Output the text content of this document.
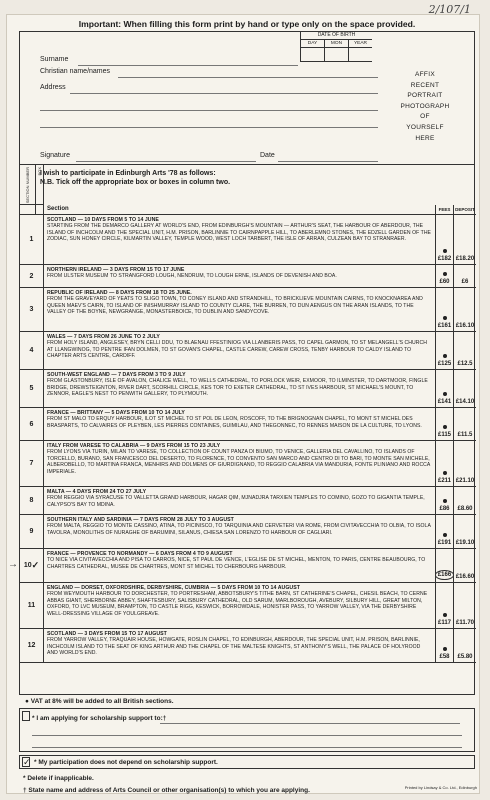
2/107/1
Important: When filling this form print by hand or type only on the space provided.
DATE OF BIRTH
DAY	MON	YEAR
Surname
Christian name/names
Address
Signature	Date
AFFIX
RECENT
PORTRAIT
PHOTOGRAPH
OF
YOURSELF
HERE
SECTION NUMBER BOX
I wish to participate in Edinburgh Arts '78 as follows:
N.B. Tick off the appropriate box or boxes in column two.
Section	FEES	DEPOSIT
1
SCOTLAND — 10 DAYS FROM 5 TO 14 JUNE
STARTING FROM THE DEMARCO GALLERY AT WORLD'S END, FROM EDINBURGH'S MOUNTAIN — ARTHUR'S SEAT, THE HARBOUR OF ABERDOUR, THE ISLAND OF INCHCOLM AND THE SPECIAL UNIT, H.M. PRISON, BARLINNIE TO CAIRNPAPPLE HILL, TO ABERLEMNO STONES, THE EDZELL GARDEN OF THE ZODIAC, SUN HONEY CIRCLE, KILMARTIN VALLEY, TEMPLE WOOD, WEST LOCH TARBERT, THE ISLE OF ARRAN, CULZEAN BAY TO STRANRAER.
£182 £18.20
2
NORTHERN IRELAND — 3 DAYS FROM 15 TO 17 JUNE
FROM ULSTER MUSEUM TO STRANGFORD LOUGH, NENDRUM, TO LOUGH ERNE, ISLANDS OF DEVENISH AND BOA.
£60 £6
3
REPUBLIC OF IRELAND — 8 DAYS FROM 18 TO 25 JUNE.
FROM THE GRAVEYARD OF YEATS TO SLIGO TOWN, TO CONEY ISLAND AND STRANDHILL, TO BRICKLIEVE MOUNTAIN CAIRNS, TO KNOCKNAREA AND QUEEN MAEV'S CAIRN, TO ISLAND OF INISHMURRAY ISLAND TO COUNTY CLARE, THE BURREN, TO DUN AENGUS ON THE ARAN ISLANDS, TO THE VALLEY OF THE BOYNE, NEWGRANGE, MONASTERBOICE, TO DUBLIN AND SANDYCOVE.
£161 £16.10
4
WALES — 7 DAYS FROM 26 JUNE TO 2 JULY
FROM HOLY ISLAND, ANGLESEY, BRYN CELLI DDU, TO BLAENAU FFESTINIOG VIA LLANBERIS PASS, TO CAPEL GARMON, TO ST MELANGELL'S CHURCH AT LLANGWINOG, TO PENTRE IFAN DOLMEN, TO ST GOVAN'S CHAPEL, CASTLE CAREW, CAREW CROSS, TENBY HARBOUR TO CALDY ISLAND TO CHAPTER ARTS CENTRE, CARDIFF.
£125 £12.5
5
SOUTH-WEST ENGLAND — 7 DAYS FROM 3 TO 9 JULY
FROM GLASTONBURY, ISLE OF AVALON, CHALICE WELL, TO WELLS CATHEDRAL, TO PORLOCK WEIR, EXMOOR, TO ILMINSTER, TO DARTMOOR, FINGLE BRIDGE, DREWSTEIGNTON, RIVER DART, SCORHILL CIRCLE, KES TOR TO EXETER CATHEDRAL, TO ST IVES HARBOUR, ST MICHAEL'S MOUNT, TO ZENNOR, EAGLE'S NEST TO PENWITH GALLERY, TO PLYMOUTH.
£141 £14.10
6
FRANCE — BRITTANY — 5 DAYS FROM 10 TO 14 JULY
FROM ST MALO TO ERQUY HARBOUR, ILOT ST MICHEL TO ST POL DE LEON, ROSCOFF, TO THE BRIGNOGNAN CHAPEL, TO MONT ST MICHEL DES BRASPARTS, TO CALVAIRES OF PLEYBEN, LES PIERRES CONTAINES, GUIMILAU, AND THEGONNEC, TO RENNES MAISON DE LA CULTURE, TO LYONS.
£115 £11.5
7
ITALY FROM VARESE TO CALABRIA — 9 DAYS FROM 15 TO 23 JULY
FROM LYONS VIA TURIN, MILAN TO VARESE, TO COLLECTION OF COUNT PANZA DI BIUMO, TO VENICE, GALLERIA DEL CAVALLINO, TO ISLANDS OF TORCELLO, BURANO, SAN FRANCESCO DEL DESERTO, TO FLORENCE, TO CONVENTO SAN MARCO AND CENTRO DI TO BARI, TO MONTE SAN MICHELE, ALBEROBELLO, TO MARTINA FRANCA, MENHIRS AND DOLMENS OF GIURDIGNANO, TO REGGIO CALABRIA VIA MANDURIA, FONTE PLINIANO AND ROCCA IMPERIALE.
£211 £21.10
8
MALTA — 4 DAYS FROM 24 TO 27 JULY
FROM REGGIO VIA SYRACUSE TO VALLETTA GRAND HARBOUR, HAGAR QIM, MJNADJRA TARXIEN TEMPLES TO COMINO, GOZO TO GIGANTIA TEMPLE, CALYPSO'S BAY TO MDINA.
£86 £8.60
9
SOUTHERN ITALY AND SARDINIA — 7 DAYS FROM 28 JULY TO 3 AUGUST
FROM MALTA, REGGIO TO MONTE CASSINO, ATINA, TO PICINISCO, TO TARQUINIA AND CERVETERI VIA ROME, FROM CIVITAVECCHIA TO OLBIA, TO ISOLA TAVOLRA, MONOLITHS OF NURAGHE OF BARUMINI, SILANUS, CHIESA SAN LORENZO TO HARBOUR OF CAGLIARI.
£191 £19.10
→ 10 ✓
FRANCE — PROVENCE TO NORMANDY — 6 DAYS FROM 4 TO 9 AUGUST
TO NICE VIA CIVITAVECCHIA AND PISA TO CARROS, NICE, ST PAUL DE VENCE, L'EGLISE DE ST MICHEL, MENTON, TO PARIS, CENTRE BEAUBOURG, TO CHARTRES CATHEDRAL, MUSEE DE CHARTRES, MONT ST MICHEL TO CHERBOURG HARBOUR.
£166 £16.60
11
ENGLAND — DORSET, OXFORDSHIRE, DERBYSHIRE, CUMBRIA — 5 DAYS FROM 10 TO 14 AUGUST
FROM WEYMOUTH HARBOUR TO DORCHESTER, TO PORTRESHAM, ABBOTSBURY'S TITHE BARN, ST CATHERINE'S CHAPEL, CHESIL BEACH, TO CERNE ABBAS GIANT, SHERBORNE ABBEY, SHAFTESBURY, SALISBURY CATHEDRAL, OLD SARUM, MARLBOROUGH, AVEBURY, SILBURY HILL, GREAT MILTON, OXFORD, TO LVC MUSEUM, BRAMPTON, TO CASTLE RIGG, KESWICK, BORROWDALE, HONISTER PASS, TO YARROW VALLEY, VIA THE DERBYSHIRE WELL-DRESSING VILLAGE OF YOULGREAVE.
£117 £11.70
12
SCOTLAND — 3 DAYS FROM 15 TO 17 AUGUST
FROM YARROW VALLEY, TRAQUAIR HOUSE, HOWGATE, ROSLIN CHAPEL, TO EDINBURGH, ABERDOUR, THE SPECIAL UNIT, H.M. PRISON, BARLINNIE, INCHCOLM ISLAND TO THE SEAT OF KING ARTHUR AND THE CHAPEL OF THE MALTESE KNIGHTS, ST ANTHONY'S WELL, THE PALACE OF HOLYROOD AND WORLD'S END.
£58 £5.80
● VAT at 8% will be added to all British sections.
* I am applying for scholarship support to:†
✓ * My participation does not depend on scholarship support.
* Delete if inapplicable.
† State name and address of Arts Council or other organisation(s) to which you are applying.	Printed by Lindsay & Co. Ltd., Edinburgh
